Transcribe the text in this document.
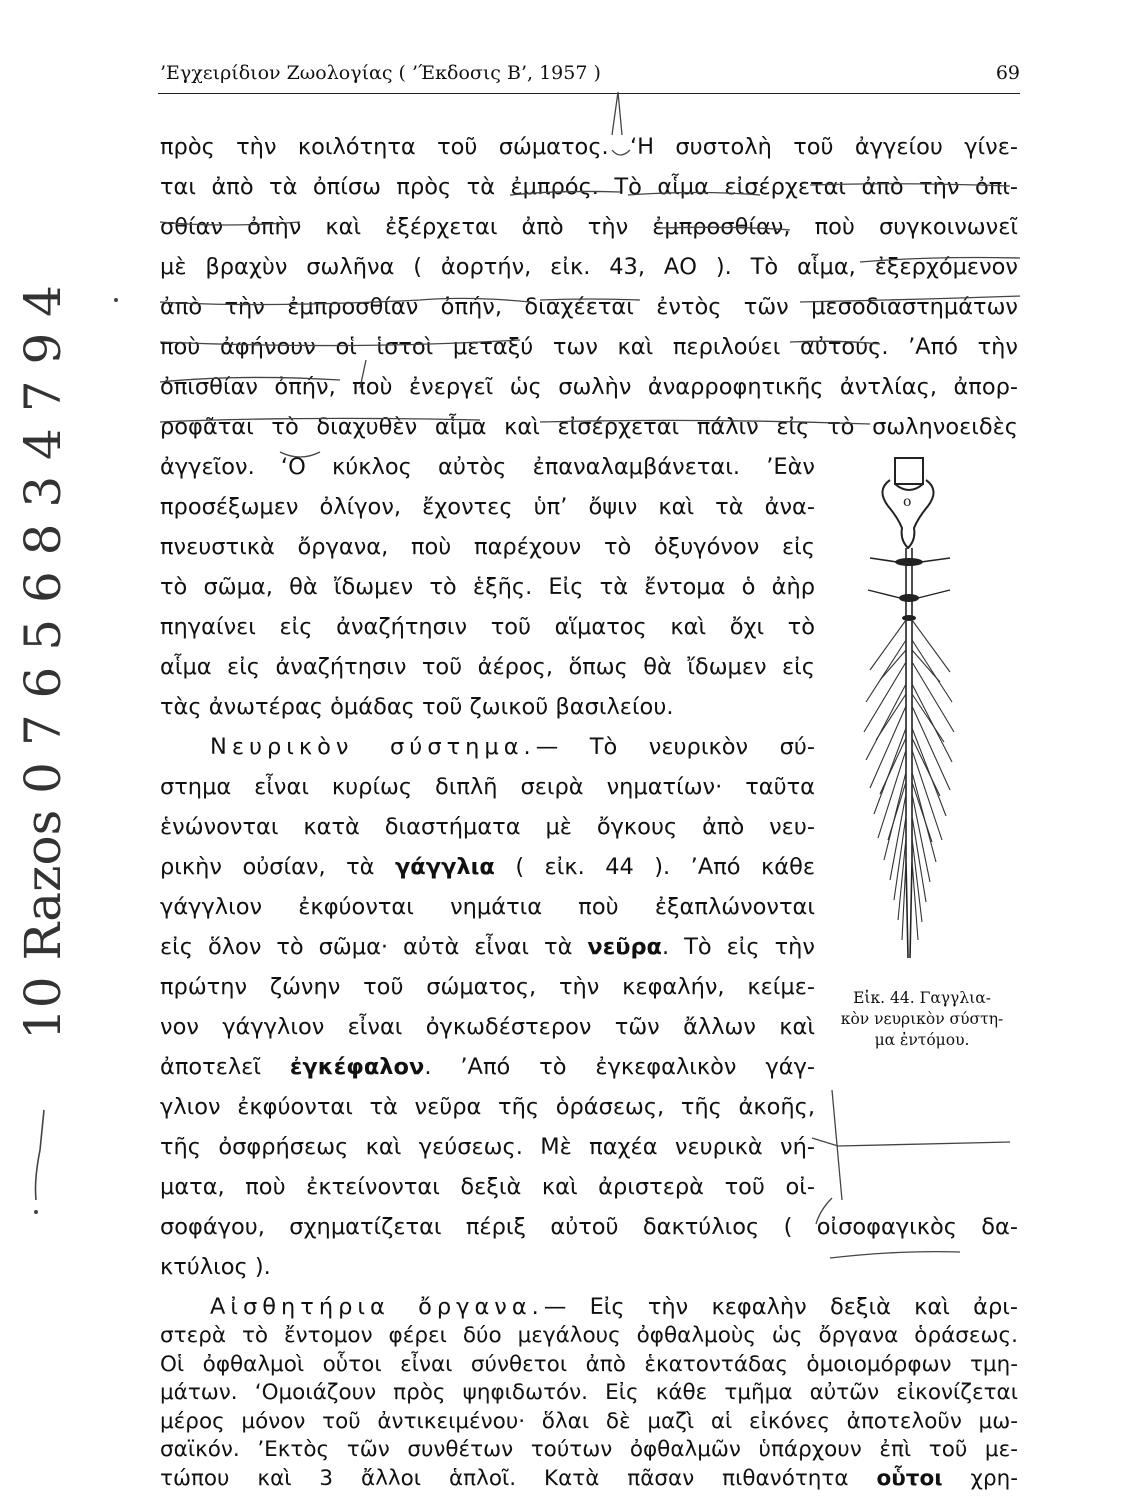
’Εγχειρίδιον Ζωολογίας ( ’Έκδοσις Β’, 1957 )	69
πρὸς τὴν κοιλότητα τοῦ σώματος. ‘Η συστολὴ τοῦ ἀγγείου γίνε-
ται ἀπὸ τὰ ὀπίσω πρὸς τὰ ἐμπρός. Τὸ αἷμα εἰσέρχεται ἀπὸ τὴν ὀπι-
σθίαν ὀπὴν καὶ ἐξέρχεται ἀπὸ τὴν ἐμπροσθίαν, ποὺ συγκοινωνεῖ
μὲ βραχὺν σωλῆνα ( ἀορτήν, εἰκ. 43, ΑΟ ). Τὸ αἷμα, ἐξερχόμενον
ἀπὸ τὴν ἐμπροσθίαν ὀπήν, διαχέεται ἐντὸς τῶν μεσοδιαστημάτων
ποὺ ἀφήνουν οἱ ἱστοὶ μεταξύ των καὶ περιλούει αὐτούς. ’Από τὴν
ὀπισθίαν ὀπήν, ποὺ ἐνεργεῖ ὡς σωλὴν ἀναρροφητικῆς ἀντλίας, ἀπορ-
ροφᾶται τὸ διαχυθὲν αἷμα καὶ εἰσέρχεται πάλιν εἰς τὸ σωληνοειδὲς
ἀγγεῖον. ‘Ο κύκλος αὐτὸς ἐπαναλαμβάνεται. ’Εὰν
προσέξωμεν ὀλίγον, ἔχοντες ὑπ’ ὄψιν καὶ τὰ ἀνα-
πνευστικὰ ὄργανα, ποὺ παρέχουν τὸ ὀξυγόνον εἰς
τὸ σῶμα, θὰ ἴδωμεν τὸ ἑξῆς. Εἰς τὰ ἔντομα ὁ ἀὴρ
πηγαίνει εἰς ἀναζήτησιν τοῦ αἵματος καὶ ὄχι τὸ
αἷμα εἰς ἀναζήτησιν τοῦ ἀέρος, ὅπως θὰ ἴδωμεν εἰς
τὰς ἀνωτέρας ὁμάδας τοῦ ζωικοῦ βασιλείου.
Νευρικὸν σύστημα.— Τὸ νευρικὸν σύ-
στημα εἶναι κυρίως διπλῆ σειρὰ νηματίων· ταῦτα
ἑνώνονται κατὰ διαστήματα μὲ ὄγκους ἀπὸ νευ-
ρικὴν οὐσίαν, τὰ γάγγλια ( εἰκ. 44 ). ’Από κάθε
γάγγλιον ἐκφύονται νημάτια ποὺ ἐξαπλώνονται
εἰς ὅλον τὸ σῶμα· αὐτὰ εἶναι τὰ νεῦρα. Τὸ εἰς τὴν
πρώτην ζώνην τοῦ σώματος, τὴν κεφαλήν, κείμε-
νον γάγγλιον εἶναι ὀγκωδέστερον τῶν ἄλλων καὶ
ἀποτελεῖ ἐγκέφαλον. ’Από τὸ ἐγκεφαλικὸν γάγ-
γλιον ἐκφύονται τὰ νεῦρα τῆς ὁράσεως, τῆς ἀκοῆς,
τῆς ὀσφρήσεως καὶ γεύσεως. Μὲ παχέα νευρικὰ νή-
ματα, ποὺ ἐκτείνονται δεξιὰ καὶ ἀριστερὰ τοῦ οἰ-
σοφάγου, σχηματίζεται πέριξ αὐτοῦ δακτύλιος ( οἰσοφαγικὸς δα-
κτύλιος ).
Αἰσθητήρια ὄργανα.— Εἰς τὴν κεφαλὴν δεξιὰ καὶ ἀρι-
Εἰκ. 44. Γαγγλια-
κὸν νευρικὸν σύστη-
μα ἐντόμου.
ο
10 Razos 0 7 6 5 6 8 3 4 7 9 4
στερὰ τὸ ἔντομον φέρει δύο μεγάλους ὀφθαλμοὺς ὡς ὄργανα ὁράσεως.
Οἱ ὀφθαλμοὶ οὗτοι εἶναι σύνθετοι ἀπὸ ἑκατοντάδας ὁμοιομόρφων τμη-
μάτων. ‘Ομοιάζουν πρὸς ψηφιδωτόν. Εἰς κάθε τμῆμα αὐτῶν εἰκονίζεται
μέρος μόνον τοῦ ἀντικειμένου· ὅλαι δὲ μαζὶ αἱ εἰκόνες ἀποτελοῦν μω-
σαϊκόν. ’Εκτὸς τῶν συνθέτων τούτων ὀφθαλμῶν ὑπάρχουν ἐπὶ τοῦ με-
τώπου καὶ 3 ἄλλοι ἁπλοῖ. Κατὰ πᾶσαν πιθανότητα οὗτοι χρη-
